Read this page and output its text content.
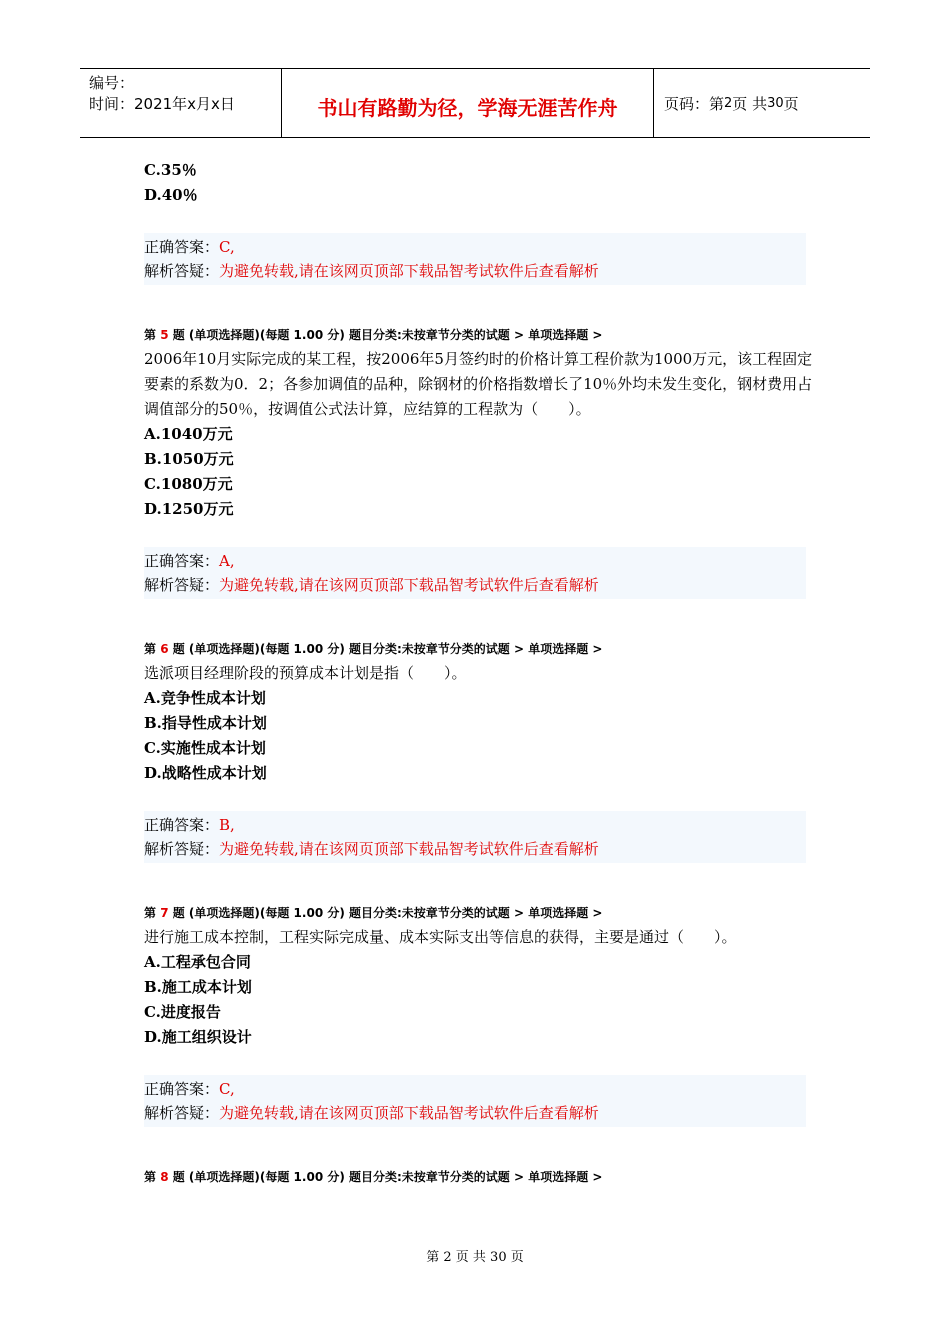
编号：
时间：2021年x月x日	书山有路勤为径，学海无涯苦作舟	页码：第 2 页 共 30 页
C.35％
D.40％
正确答案：C,
解析答疑：为避免转载,请在该网页顶部下载品智考试软件后查看解析
第 5 题 (单项选择题)(每题 1.00 分) 题目分类:未按章节分类的试题 > 单项选择题 >
2006年10月实际完成的某工程，按2006年5月签约时的价格计算工程价款为1000万元，该工程固定要素的系数为0．2；各参加调值的品种，除钢材的价格指数增长了10％外均未发生变化，钢材费用占调值部分的50％，按调值公式法计算，应结算的工程款为（　　）。
A.1040万元
B.1050万元
C.1080万元
D.1250万元
正确答案：A,
解析答疑：为避免转载,请在该网页顶部下载品智考试软件后查看解析
第 6 题 (单项选择题)(每题 1.00 分) 题目分类:未按章节分类的试题 > 单项选择题 >
选派项目经理阶段的预算成本计划是指（　　）。
A.竞争性成本计划
B.指导性成本计划
C.实施性成本计划
D.战略性成本计划
正确答案：B,
解析答疑：为避免转载,请在该网页顶部下载品智考试软件后查看解析
第 7 题 (单项选择题)(每题 1.00 分) 题目分类:未按章节分类的试题 > 单项选择题 >
进行施工成本控制，工程实际完成量、成本实际支出等信息的获得，主要是通过（　　）。
A.工程承包合同
B.施工成本计划
C.进度报告
D.施工组织设计
正确答案：C,
解析答疑：为避免转载,请在该网页顶部下载品智考试软件后查看解析
第 8 题 (单项选择题)(每题 1.00 分) 题目分类:未按章节分类的试题 > 单项选择题 >
第 2 页 共 30 页
